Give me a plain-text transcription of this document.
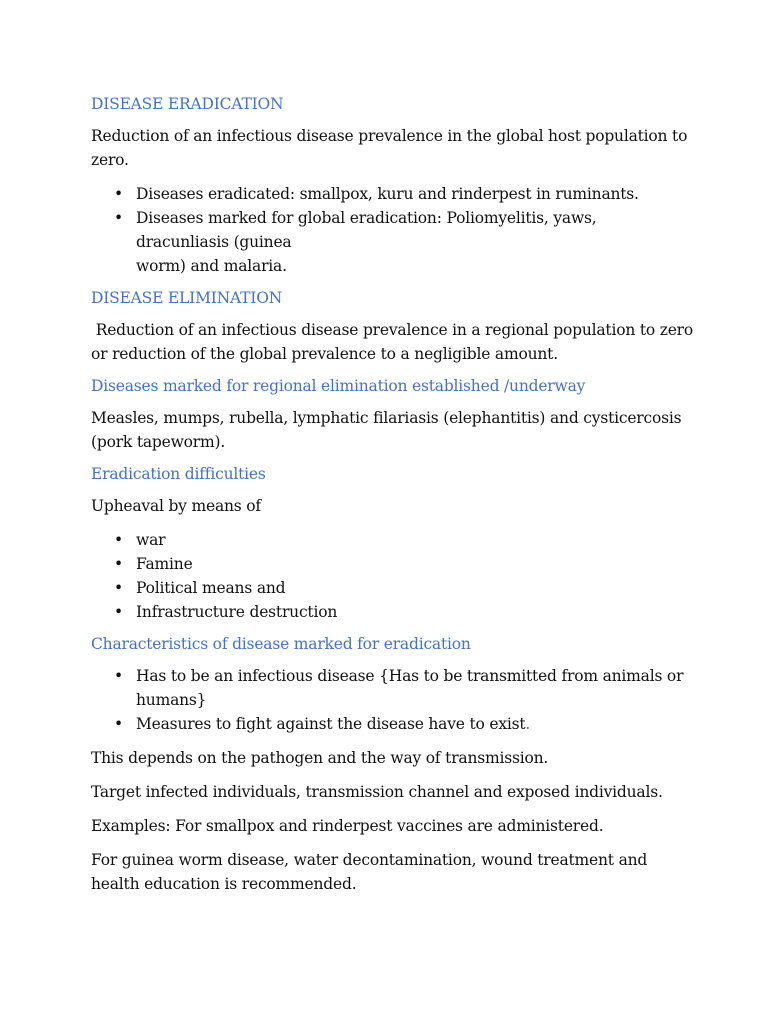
DISEASE ERADICATION

Reduction of an infectious disease prevalence in the global host population to
zero.

• Diseases eradicated: smallpox, kuru and rinderpest in ruminants.
• Diseases marked for global eradication: Poliomyelitis, yaws,
dracunliasis (guinea
worm) and malaria.
DISEASE ELIMINATION

Reduction of an infectious disease prevalence in a regional population to zero
or reduction of the global prevalence to a negligible amount.

Diseases marked for regional elimination established /underway

Measles, mumps, rubella, lymphatic filariasis (elephantitis) and cysticercosis
(pork tapeworm).

Eradication difficulties

Upheaval by means of

• war
• Famine
• Political means and
• Infrastructure destruction
Characteristics of disease marked for eradication
• Has to be an infectious disease {Has to be transmitted from animals or
humans}
• Measures to fight against the disease have to exist.

This depends on the pathogen and the way of transmission.

Target infected individuals, transmission channel and exposed individuals.

Examples: For smallpox and rinderpest vaccines are administered.

For guinea worm disease, water decontamination, wound treatment and
health education is recommended.
